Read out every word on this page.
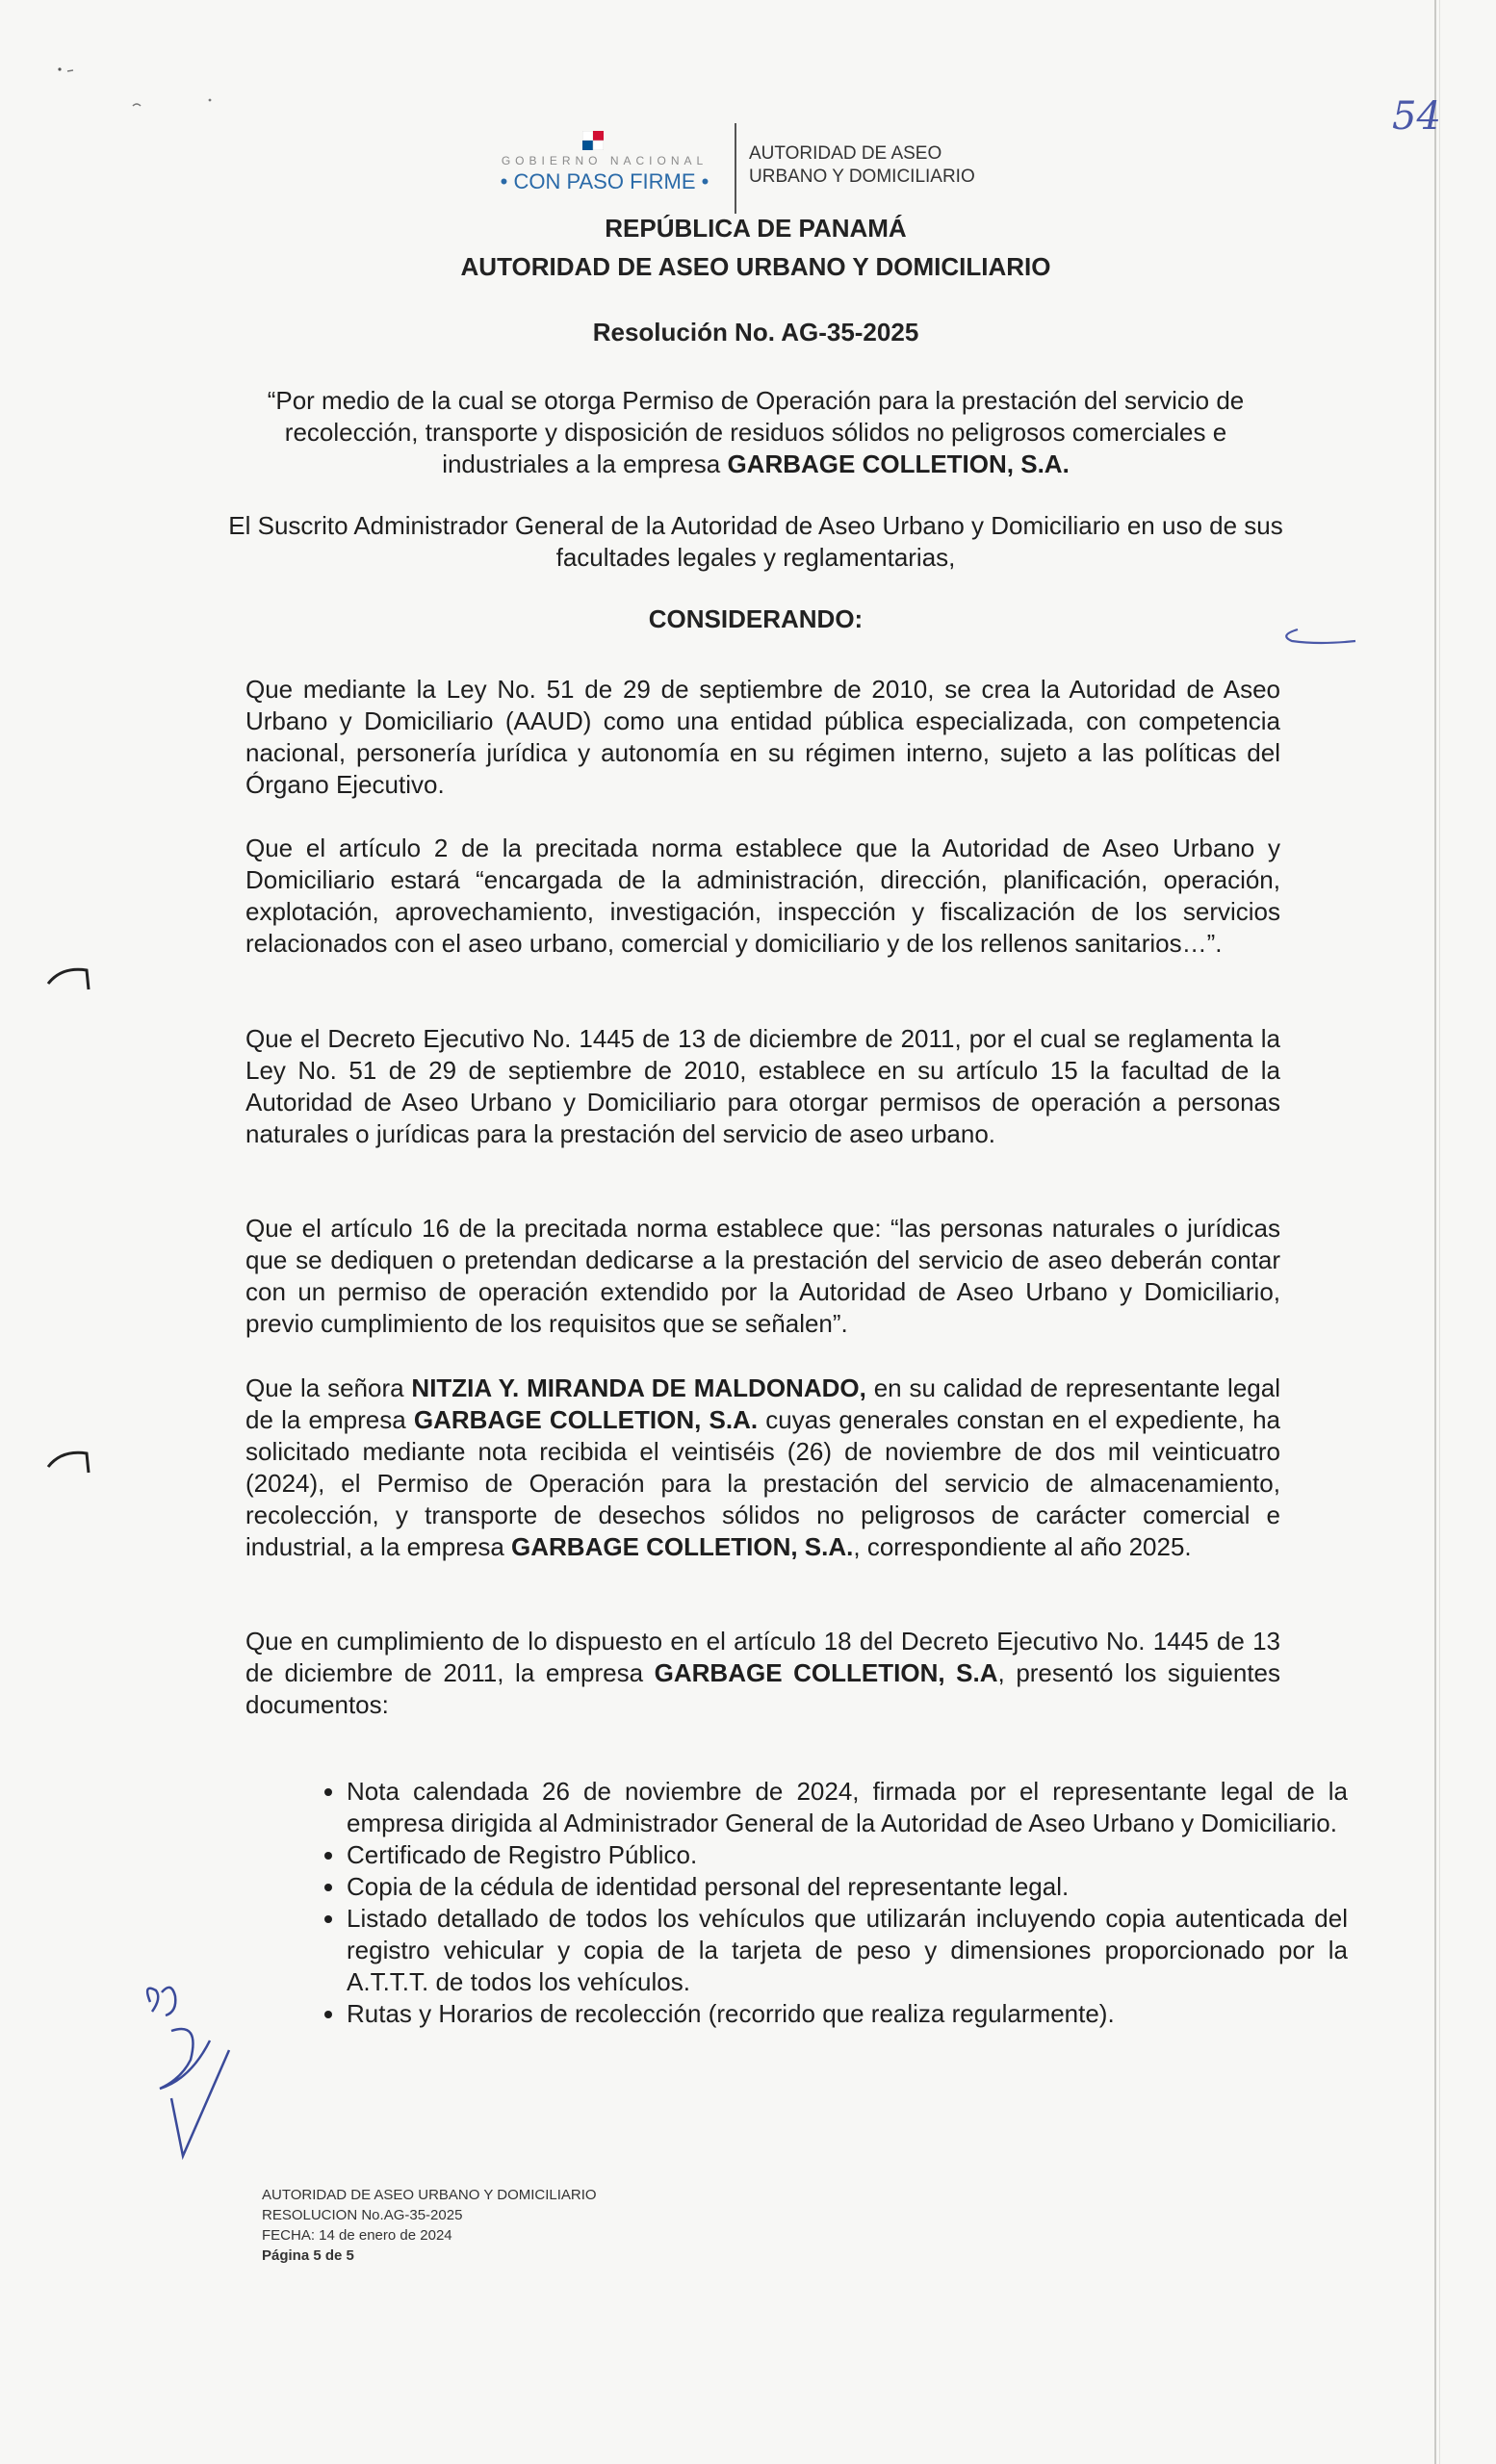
54
GOBIERNO NACIONAL
• CON PASO FIRME •
AUTORIDAD DE ASEO
URBANO Y DOMICILIARIO
REPÚBLICA DE PANAMÁ
AUTORIDAD DE ASEO URBANO Y DOMICILIARIO
Resolución No. AG-35-2025
“Por medio de la cual se otorga Permiso de Operación para la prestación del servicio de recolección, transporte y disposición de residuos sólidos no peligrosos comerciales e industriales a la empresa GARBAGE COLLETION, S.A.
El Suscrito Administrador General de la Autoridad de Aseo Urbano y Domiciliario en uso de sus facultades legales y reglamentarias,
CONSIDERANDO:
Que mediante la Ley No. 51 de 29 de septiembre de 2010, se crea la Autoridad de Aseo Urbano y Domiciliario (AAUD) como una entidad pública especializada, con competencia nacional, personería jurídica y autonomía en su régimen interno, sujeto a las políticas del Órgano Ejecutivo.
Que el artículo 2 de la precitada norma establece que la Autoridad de Aseo Urbano y Domiciliario estará “encargada de la administración, dirección, planificación, operación, explotación, aprovechamiento, investigación, inspección y fiscalización de los servicios relacionados con el aseo urbano, comercial y domiciliario y de los rellenos sanitarios…”.
Que el Decreto Ejecutivo No. 1445 de 13 de diciembre de 2011, por el cual se reglamenta la Ley No. 51 de 29 de septiembre de 2010, establece en su artículo 15 la facultad de la Autoridad de Aseo Urbano y Domiciliario para otorgar permisos de operación a personas naturales o jurídicas para la prestación del servicio de aseo urbano.
Que el artículo 16 de la precitada norma establece que: “las personas naturales o jurídicas que se dediquen o pretendan dedicarse a la prestación del servicio de aseo deberán contar con un permiso de operación extendido por la Autoridad de Aseo Urbano y Domiciliario, previo cumplimiento de los requisitos que se señalen”.
Que la señora NITZIA Y. MIRANDA DE MALDONADO, en su calidad de representante legal de la empresa GARBAGE COLLETION, S.A. cuyas generales constan en el expediente, ha solicitado mediante nota recibida el veintiséis (26) de noviembre de dos mil veinticuatro (2024), el Permiso de Operación para la prestación del servicio de almacenamiento, recolección, y transporte de desechos sólidos no peligrosos de carácter comercial e industrial, a la empresa GARBAGE COLLETION, S.A., correspondiente al año 2025.
Que en cumplimiento de lo dispuesto en el artículo 18 del Decreto Ejecutivo No. 1445 de 13 de diciembre de 2011, la empresa GARBAGE COLLETION, S.A, presentó los siguientes documentos:
• Nota calendada 26 de noviembre de 2024, firmada por el representante legal de la empresa dirigida al Administrador General de la Autoridad de Aseo Urbano y Domiciliario.
• Certificado de Registro Público.
• Copia de la cédula de identidad personal del representante legal.
• Listado detallado de todos los vehículos que utilizarán incluyendo copia autenticada del registro vehicular y copia de la tarjeta de peso y dimensiones proporcionado por la A.T.T.T. de todos los vehículos.
• Rutas y Horarios de recolección (recorrido que realiza regularmente).
AUTORIDAD DE ASEO URBANO Y DOMICILIARIO
RESOLUCION No.AG-35-2025
FECHA: 14 de enero de 2024
Página 5 de 5
